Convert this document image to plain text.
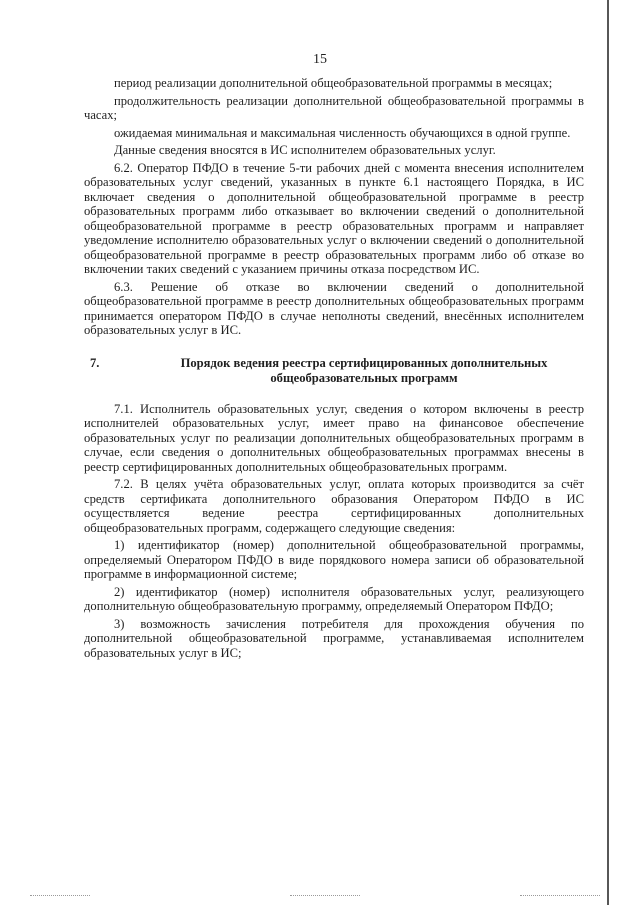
15

период реализации дополнительной общеобразовательной программы в месяцах;

продолжительность реализации дополнительной общеобразовательной программы в часах;

ожидаемая минимальная и максимальная численность обучающихся в одной группе.

Данные сведения вносятся в ИС исполнителем образовательных услуг.

6.2. Оператор ПФДО в течение 5-ти рабочих дней с момента внесения исполнителем образовательных услуг сведений, указанных в пункте 6.1 настоящего Порядка, в ИС включает сведения о дополнительной общеобразовательной программе в реестр образовательных программ либо отказывает во включении сведений о дополнительной общеобразовательной программе в реестр образовательных программ и направляет уведомление исполнителю образовательных услуг о включении сведений о дополнительной общеобразовательной программе в реестр образовательных программ либо об отказе во включении таких сведений с указанием причины отказа посредством ИС.

6.3. Решение об отказе во включении сведений о дополнительной общеобразовательной программе в реестр дополнительных общеобразовательных программ принимается оператором ПФДО в случае неполноты сведений, внесённых исполнителем образовательных услуг в ИС.

7.	Порядок ведения реестра сертифицированных дополнительных общеобразовательных программ

7.1. Исполнитель образовательных услуг, сведения о котором включены в реестр исполнителей образовательных услуг, имеет право на финансовое обеспечение образовательных услуг по реализации дополнительных общеобразовательных программ в случае, если сведения о дополнительных общеобразовательных программах внесены в реестр сертифицированных дополнительных общеобразовательных программ.

7.2. В целях учёта образовательных услуг, оплата которых производится за счёт средств сертификата дополнительного образования Оператором ПФДО в ИС осуществляется ведение реестра сертифицированных дополнительных общеобразовательных программ, содержащего следующие сведения:

1) идентификатор (номер) дополнительной общеобразовательной программы, определяемый Оператором ПФДО в виде порядкового номера записи об образовательной программе в информационной системе;

2) идентификатор (номер) исполнителя образовательных услуг, реализующего дополнительную общеобразовательную программу, определяемый Оператором ПФДО;

3) возможность зачисления потребителя для прохождения обучения по дополнительной общеобразовательной программе, устанавливаемая исполнителем образовательных услуг в ИС;
